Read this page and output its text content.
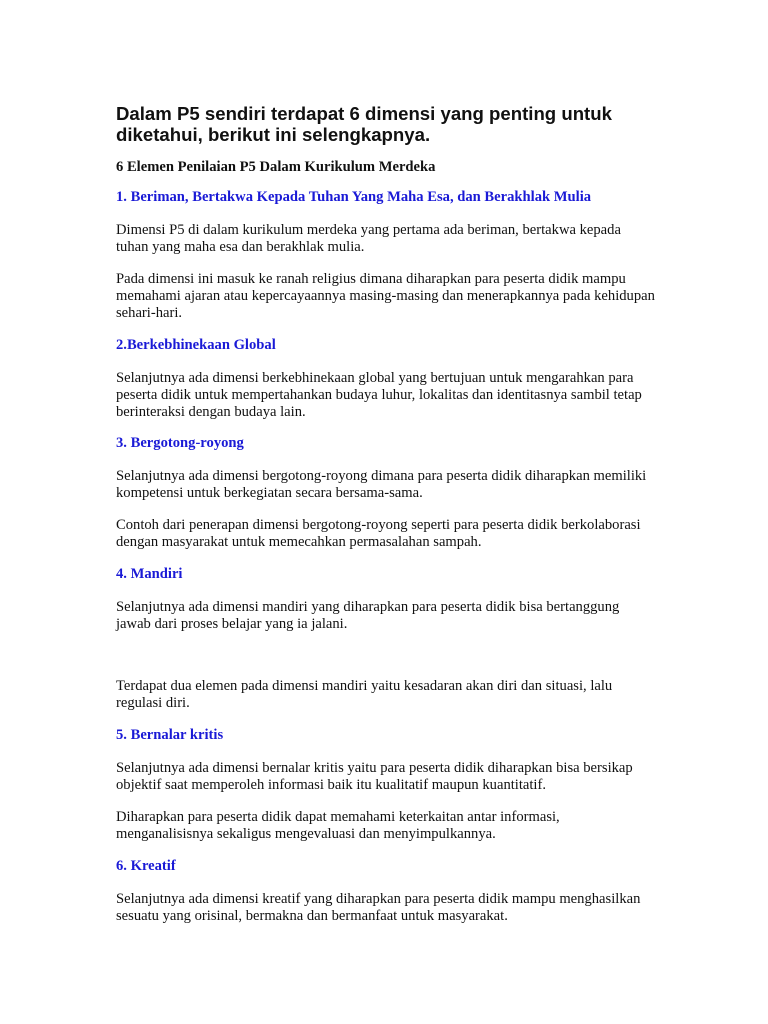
Dalam P5 sendiri terdapat 6 dimensi yang penting untuk diketahui, berikut ini selengkapnya.

6 Elemen Penilaian P5 Dalam Kurikulum Merdeka

1. Beriman, Bertakwa Kepada Tuhan Yang Maha Esa, dan Berakhlak Mulia

Dimensi P5 di dalam kurikulum merdeka yang pertama ada beriman, bertakwa kepada tuhan yang maha esa dan berakhlak mulia.

Pada dimensi ini masuk ke ranah religius dimana diharapkan para peserta didik mampu memahami ajaran atau kepercayaannya masing-masing dan menerapkannya pada kehidupan sehari-hari.

2.Berkebhinekaan Global

Selanjutnya ada dimensi berkebhinekaan global yang bertujuan untuk mengarahkan para peserta didik untuk mempertahankan budaya luhur, lokalitas dan identitasnya sambil tetap berinteraksi dengan budaya lain.

3. Bergotong-royong

Selanjutnya ada dimensi bergotong-royong dimana para peserta didik diharapkan memiliki kompetensi untuk berkegiatan secara bersama-sama.

Contoh dari penerapan dimensi bergotong-royong seperti para peserta didik berkolaborasi dengan masyarakat untuk memecahkan permasalahan sampah.

4. Mandiri

Selanjutnya ada dimensi mandiri yang diharapkan para peserta didik bisa bertanggung jawab dari proses belajar yang ia jalani.

Terdapat dua elemen pada dimensi mandiri yaitu kesadaran akan diri dan situasi, lalu regulasi diri.

5. Bernalar kritis

Selanjutnya ada dimensi bernalar kritis yaitu para peserta didik diharapkan bisa bersikap objektif saat memperoleh informasi baik itu kualitatif maupun kuantitatif.

Diharapkan para peserta didik dapat memahami keterkaitan antar informasi, menganalisisnya sekaligus mengevaluasi dan menyimpulkannya.

6. Kreatif

Selanjutnya ada dimensi kreatif yang diharapkan para peserta didik mampu menghasilkan sesuatu yang orisinal, bermakna dan bermanfaat untuk masyarakat.
